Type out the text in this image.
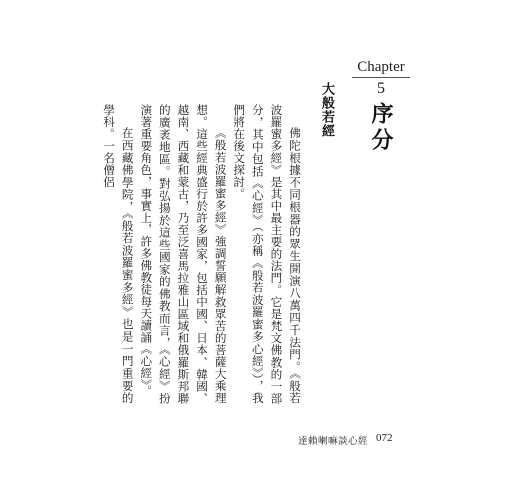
Chapter
5
序分
大般若經

佛陀根據不同根器的眾生開演八萬四千法門。《般若波羅蜜多經》是其中最主要的法門。它是梵文佛教的一部分，其中包括《心經》（亦稱《般若波羅蜜多心經》），我們將在後文探討。

《般若波羅蜜多經》強調誓願解救眾苦的菩薩大乘理想。這些經典盛行於許多國家，包括中國、日本、韓國、越南、西藏和蒙古，乃至泛喜馬拉雅山區域和俄羅斯邦聯的廣袤地區。對弘揚於這些國家的佛教而言，《心經》扮演著重要角色，事實上，許多佛教徒每天讀誦《心經》。

在西藏佛學院，《般若波羅蜜多經》也是一門重要的學科。一名僧侶

達賴喇嘛談心經 072
